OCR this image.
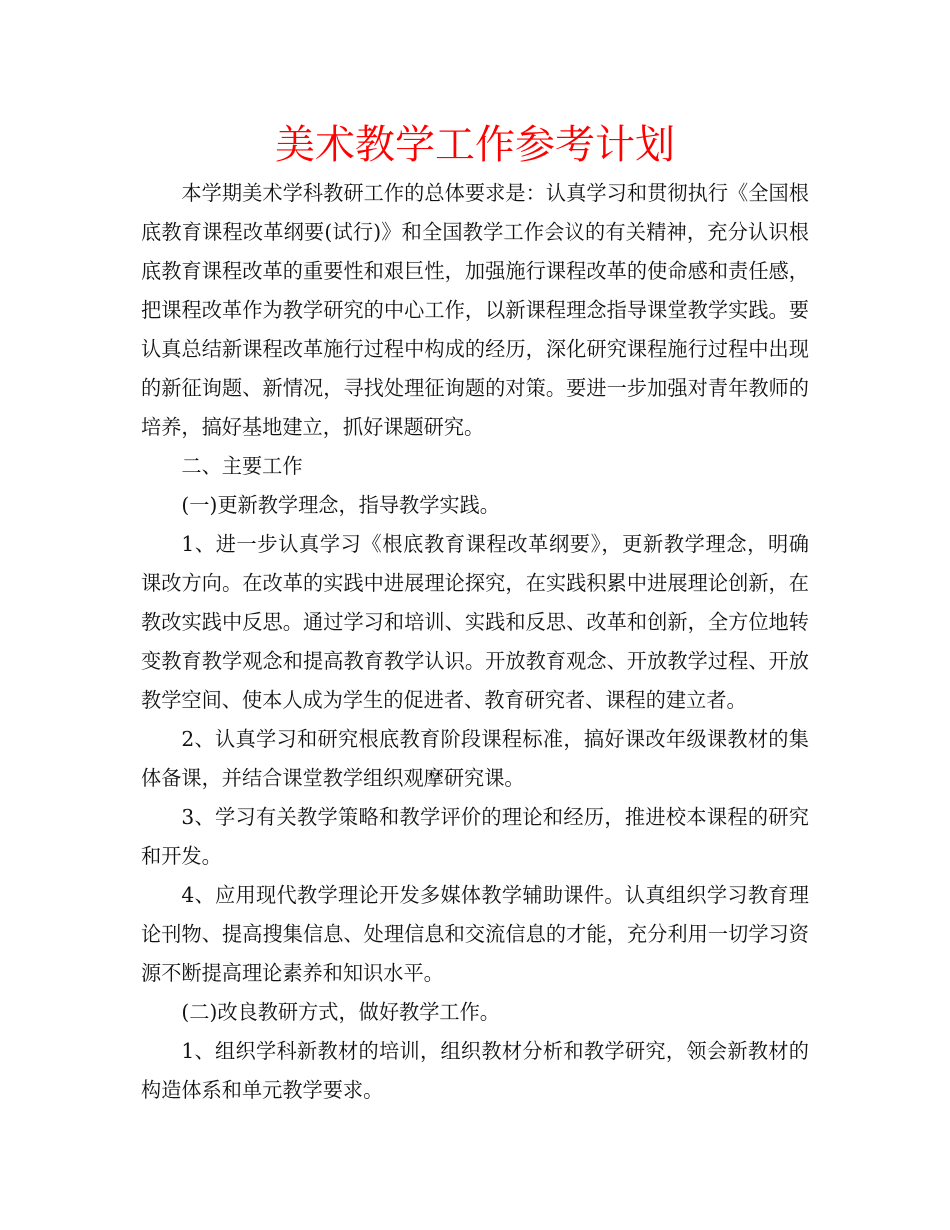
美术教学工作参考计划

本学期美术学科教研工作的总体要求是：认真学习和贯彻执行《全国根底教育课程改革纲要(试行)》和全国教学工作会议的有关精神，充分认识根底教育课程改革的重要性和艰巨性，加强施行课程改革的使命感和责任感，把课程改革作为教学研究的中心工作，以新课程理念指导课堂教学实践。要认真总结新课程改革施行过程中构成的经历，深化研究课程施行过程中出现的新征询题、新情况，寻找处理征询题的对策。要进一步加强对青年教师的培养，搞好基地建立，抓好课题研究。

二、主要工作

(一)更新教学理念，指导教学实践。

1、进一步认真学习《根底教育课程改革纲要》，更新教学理念，明确课改方向。在改革的实践中进展理论探究，在实践积累中进展理论创新，在教改实践中反思。通过学习和培训、实践和反思、改革和创新，全方位地转变教育教学观念和提高教育教学认识。开放教育观念、开放教学过程、开放教学空间、使本人成为学生的促进者、教育研究者、课程的建立者。

2、认真学习和研究根底教育阶段课程标准，搞好课改年级课教材的集体备课，并结合课堂教学组织观摩研究课。

3、学习有关教学策略和教学评价的理论和经历，推进校本课程的研究和开发。

4、应用现代教学理论开发多媒体教学辅助课件。认真组织学习教育理论刊物、提高搜集信息、处理信息和交流信息的才能，充分利用一切学习资源不断提高理论素养和知识水平。

(二)改良教研方式，做好教学工作。

1、组织学科新教材的培训，组织教材分析和教学研究，领会新教材的构造体系和单元教学要求。
